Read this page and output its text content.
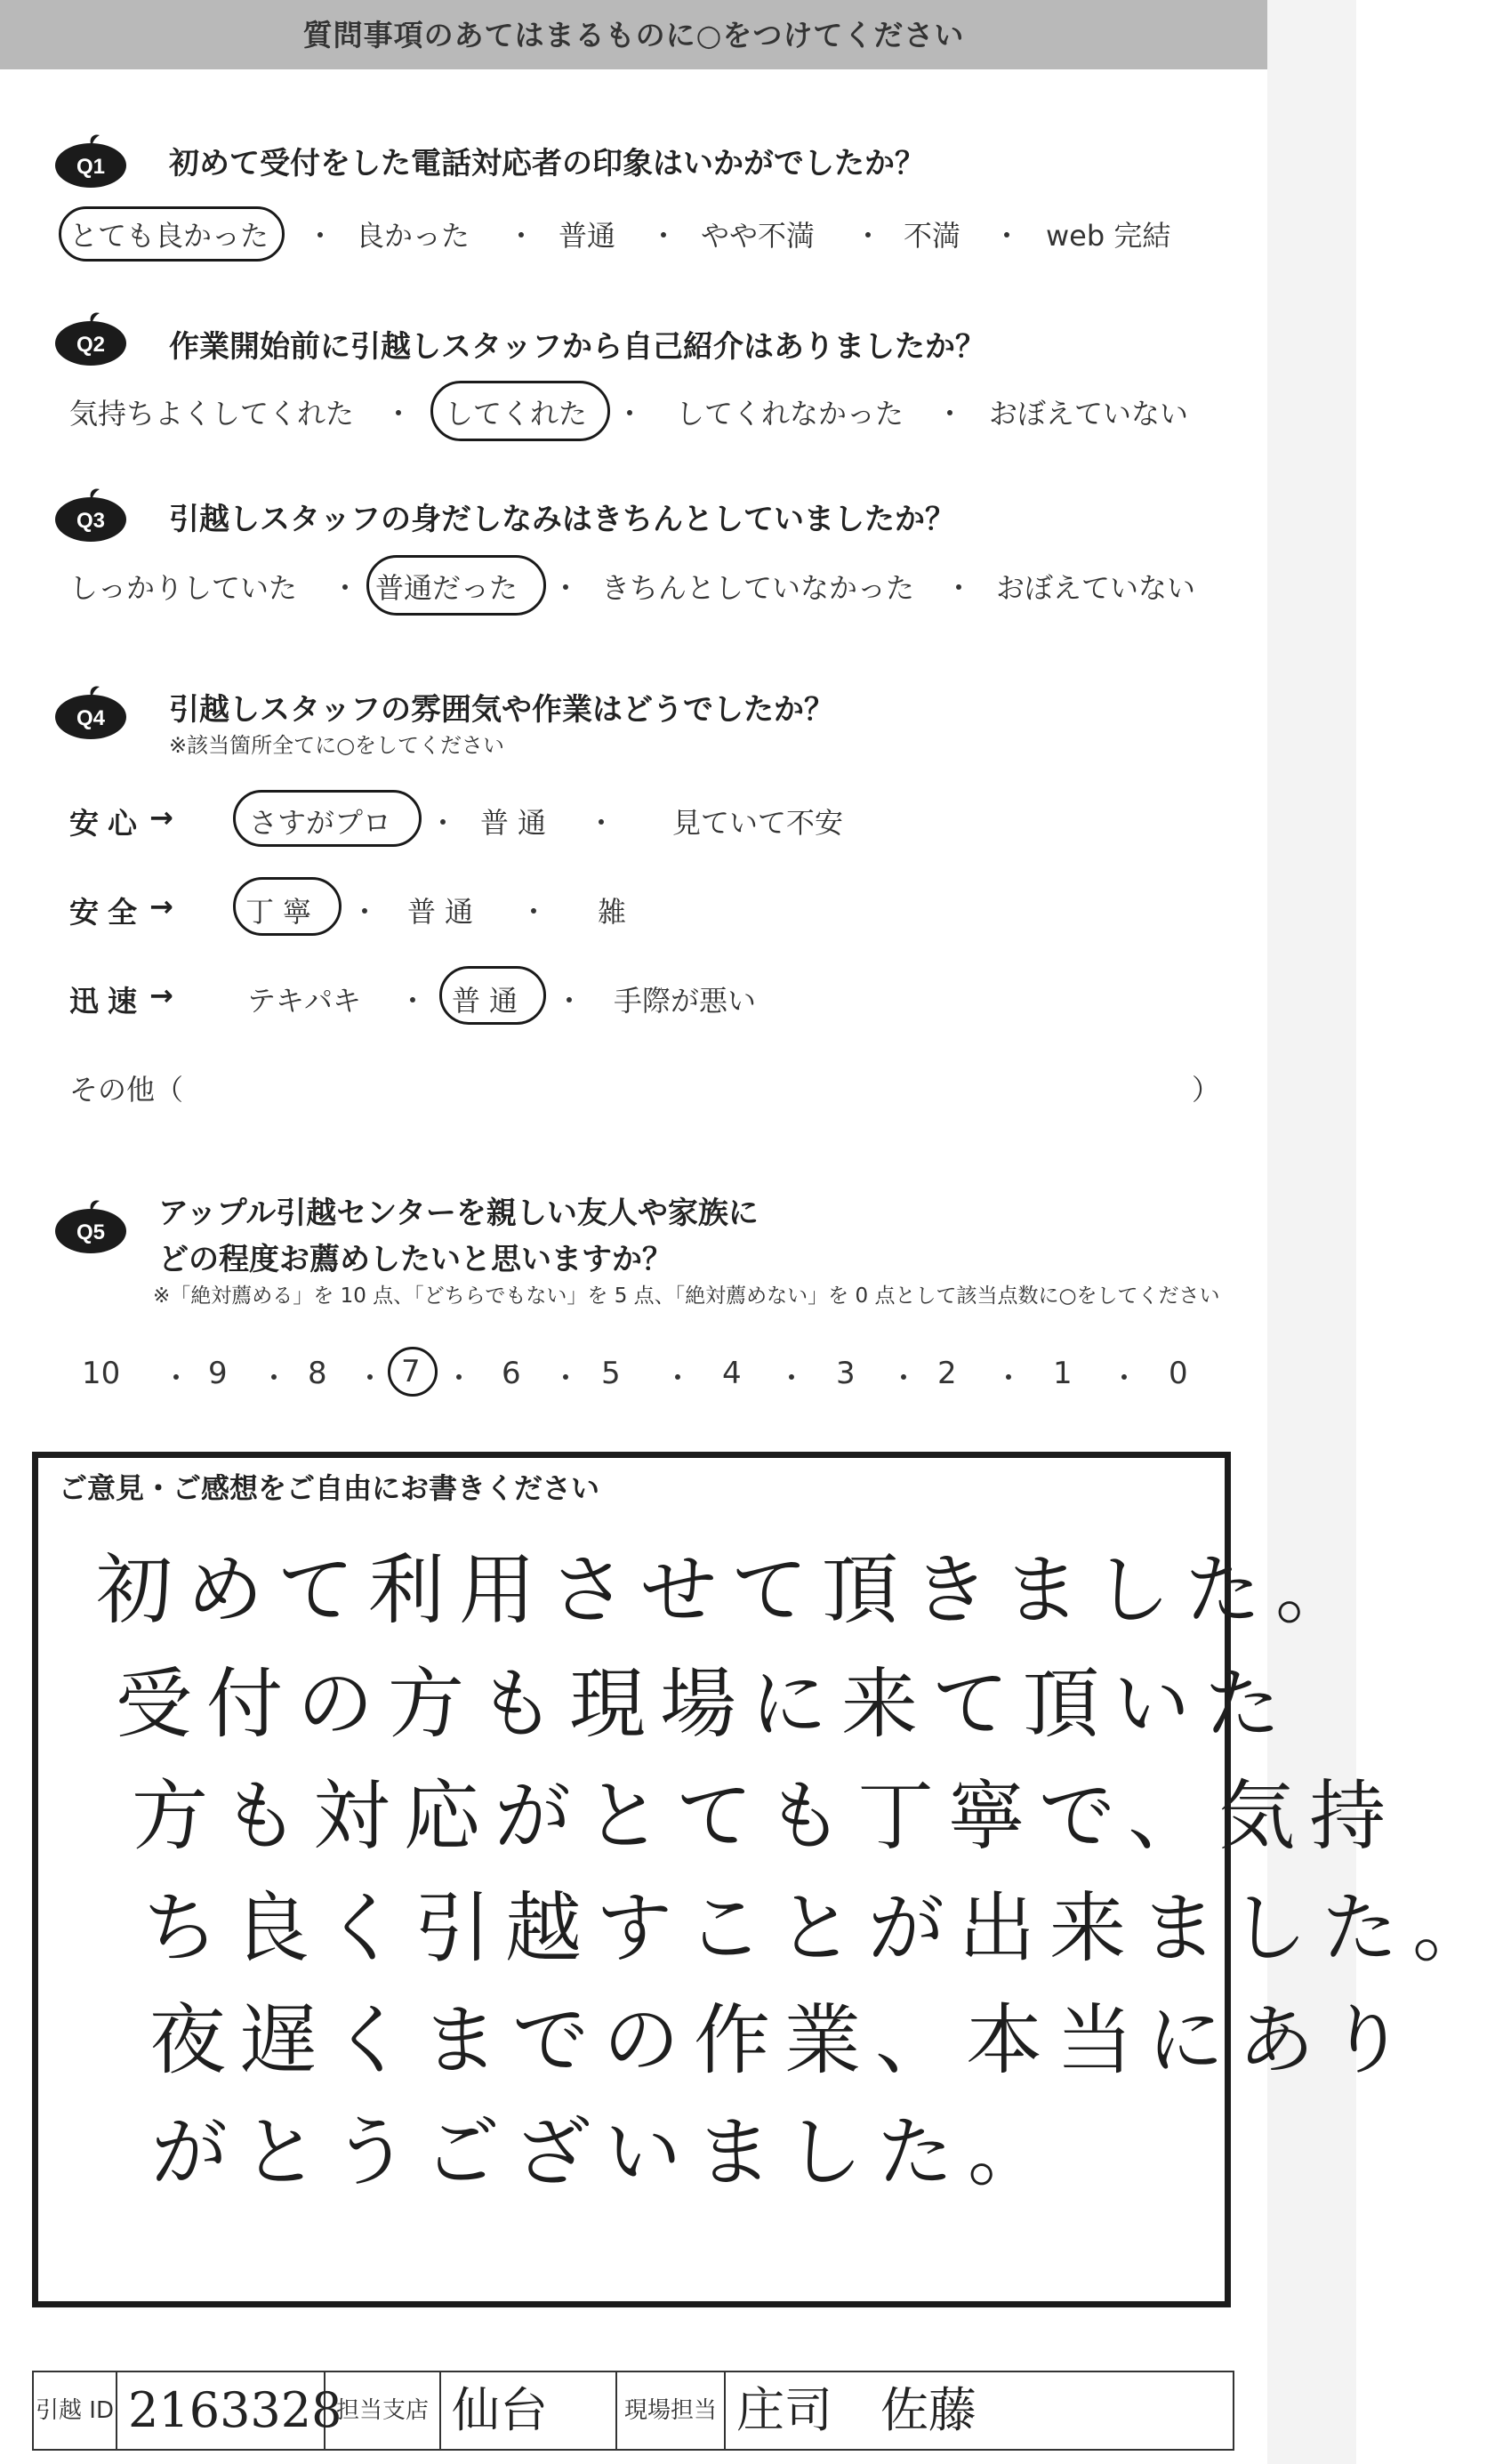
質問事項のあてはまるものに○をつけてください
Q1 初めて受付をした電話対応者の印象はいかがでしたか？
とても良かった ・ 良かった ・ 普通 ・ やや不満 ・ 不満 ・ web 完結
Q2 作業開始前に引越しスタッフから自己紹介はありましたか？
気持ちよくしてくれた ・ してくれた ・ してくれなかった ・ おぼえていない
Q3 引越しスタッフの身だしなみはきちんとしていましたか？
しっかりしていた ・ 普通だった ・ きちんとしていなかった ・ おぼえていない
Q4 引越しスタッフの雰囲気や作業はどうでしたか？
※該当箇所全てに○をしてください
安心 →	さすがプロ ・ 普通 ・ 見ていて不安
安全 →	丁寧 ・ 普通 ・ 雑
迅速 →	テキパキ ・ 普通 ・ 手際が悪い
その他（	）
Q5
アップル引越センターを親しい友人や家族に
どの程度お薦めしたいと思いますか？
※「絶対薦める」を 10 点、「どちらでもない」を 5 点、「絶対薦めない」を 0 点として該当点数に○をしてください
10 ・ 9 ・ 8 ・ 7 ・ 6 ・ 5 ・ 4 ・ 3 ・ 2 ・ 1 ・ 0
ご意見・ご感想をご自由にお書きください
初めて利用させて頂きました。
受付の方も現場に来て頂いた
方も対応がとても丁寧で、気持
ち良く引越すことが出来ました。
夜遅くまでの作業、本当にあり
がとうございました。
引越 ID 2163328
担当支店 仙台	現場担当 庄司　佐藤
